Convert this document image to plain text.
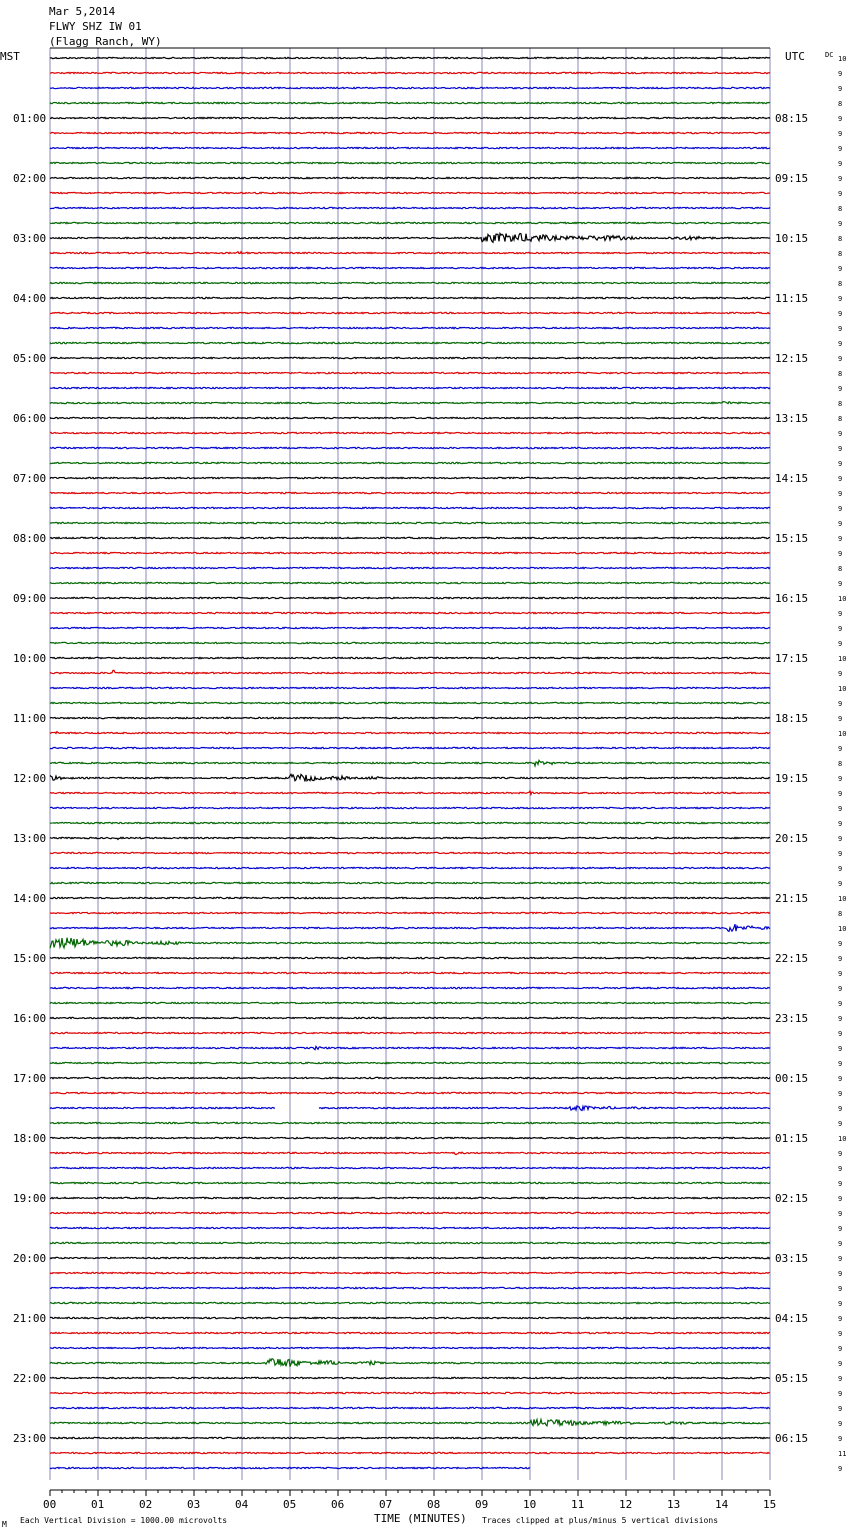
Mar 5,2014
FLWY SHZ IW 01
(Flagg Ranch, WY)
MST	UTC	DC
01:00
02:00
03:00
04:00
05:00
06:00
07:00
08:00
09:00
10:00
11:00
12:00
13:00
14:00
15:00
16:00
17:00
18:00
19:00
20:00
21:00
22:00
23:00
08:15
09:15
10:15
11:15
12:15
13:15
14:15
15:15
16:15
17:15
18:15
19:15
20:15
21:15
22:15
23:15
00:15
01:15
02:15
03:15
04:15
05:15
06:15
10
9
9
8
9
9
9
9
9
9
8
9
8
8
9
8
9
9
9
9
9
8
9
8
8
9
9
9
9
9
9
9
9
9
8
9
10
9
9
9
10
9
10
9
9
10
9
8
9
9
9
9
9
9
9
9
10
8
10
9
9
9
9
9
9
9
9
9
9
9
9
9
10
9
9
9
9
9
9
9
9
9
9
9
9
9
9
9
9
9
9
9
9
11
9
00	01	02	03	04	05	06	07	08	09	10	11	12	13	14	15
TIME (MINUTES)
Each Vertical Division = 1000.00 microvolts	Traces clipped at plus/minus 5 vertical divisions
M
